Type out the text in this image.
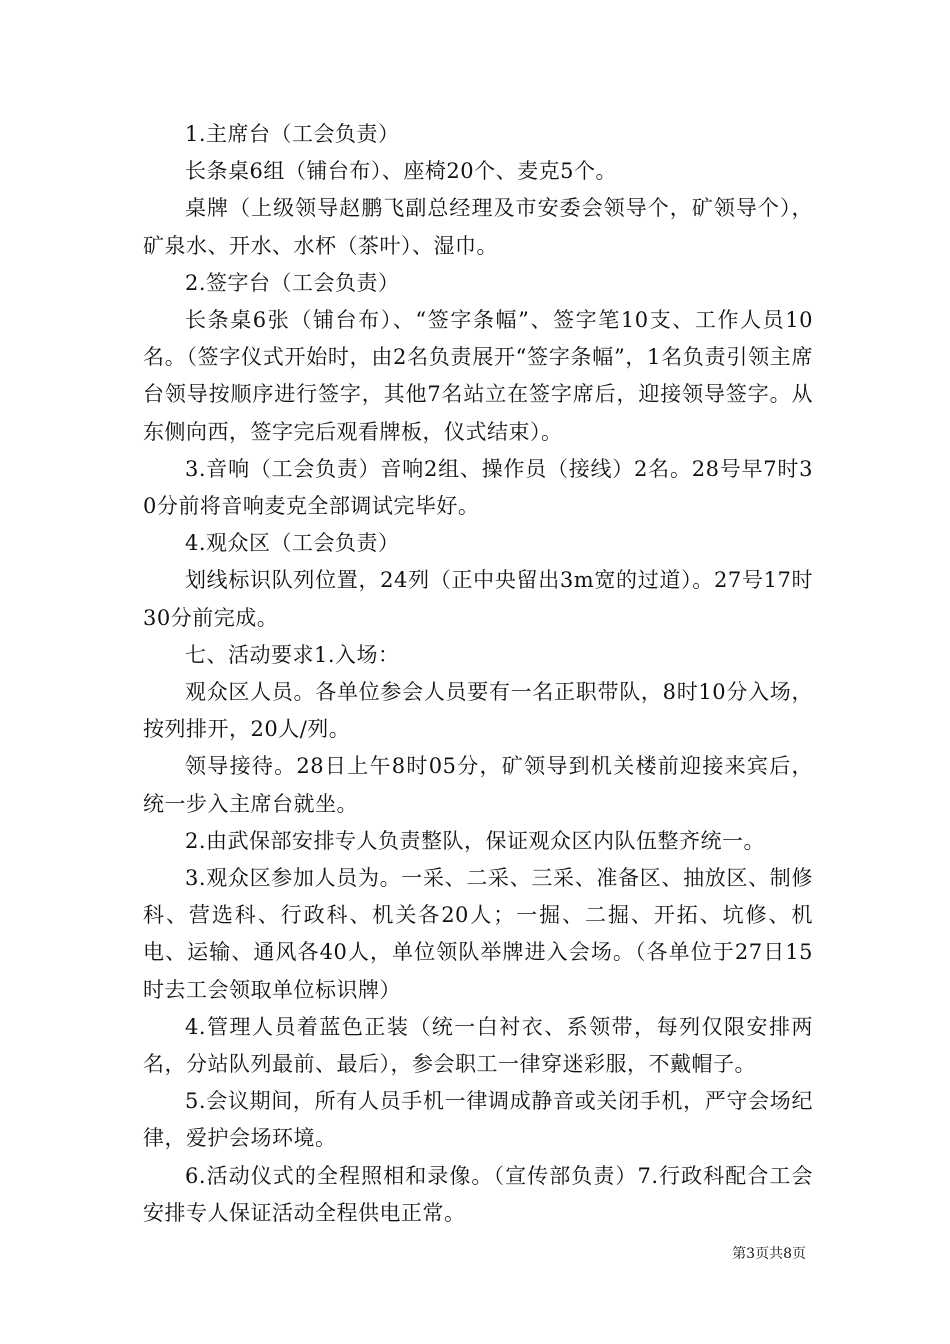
1.主席台（工会负责）

长条桌6组（铺台布）、座椅20个、麦克5个。

桌牌（上级领导赵鹏飞副总经理及市安委会领导个，矿领导个），矿泉水、开水、水杯（茶叶）、湿巾。

2.签字台（工会负责）

长条桌6张（铺台布）、“签字条幅”、签字笔10支、工作人员10名。（签字仪式开始时，由2名负责展开“签字条幅”，1名负责引领主席台领导按顺序进行签字，其他7名站立在签字席后，迎接领导签字。从东侧向西，签字完后观看牌板，仪式结束）。

3.音响（工会负责）音响2组、操作员（接线）2名。28号早7时30分前将音响麦克全部调试完毕好。

4.观众区（工会负责）

划线标识队列位置，24列（正中央留出3m宽的过道）。27号17时30分前完成。

七、活动要求1.入场：

观众区人员。各单位参会人员要有一名正职带队，8时10分入场，按列排开，20人/列。

领导接待。28日上午8时05分，矿领导到机关楼前迎接来宾后，统一步入主席台就坐。

2.由武保部安排专人负责整队，保证观众区内队伍整齐统一。

3.观众区参加人员为。一采、二采、三采、准备区、抽放区、制修科、营选科、行政科、机关各20人；一掘、二掘、开拓、坑修、机电、运输、通风各40人，单位领队举牌进入会场。（各单位于27日15时去工会领取单位标识牌）

4.管理人员着蓝色正装（统一白衬衣、系领带，每列仅限安排两名，分站队列最前、最后），参会职工一律穿迷彩服，不戴帽子。

5.会议期间，所有人员手机一律调成静音或关闭手机，严守会场纪律，爱护会场环境。

6.活动仪式的全程照相和录像。（宣传部负责）7.行政科配合工会安排专人保证活动全程供电正常。

第3页共8页
